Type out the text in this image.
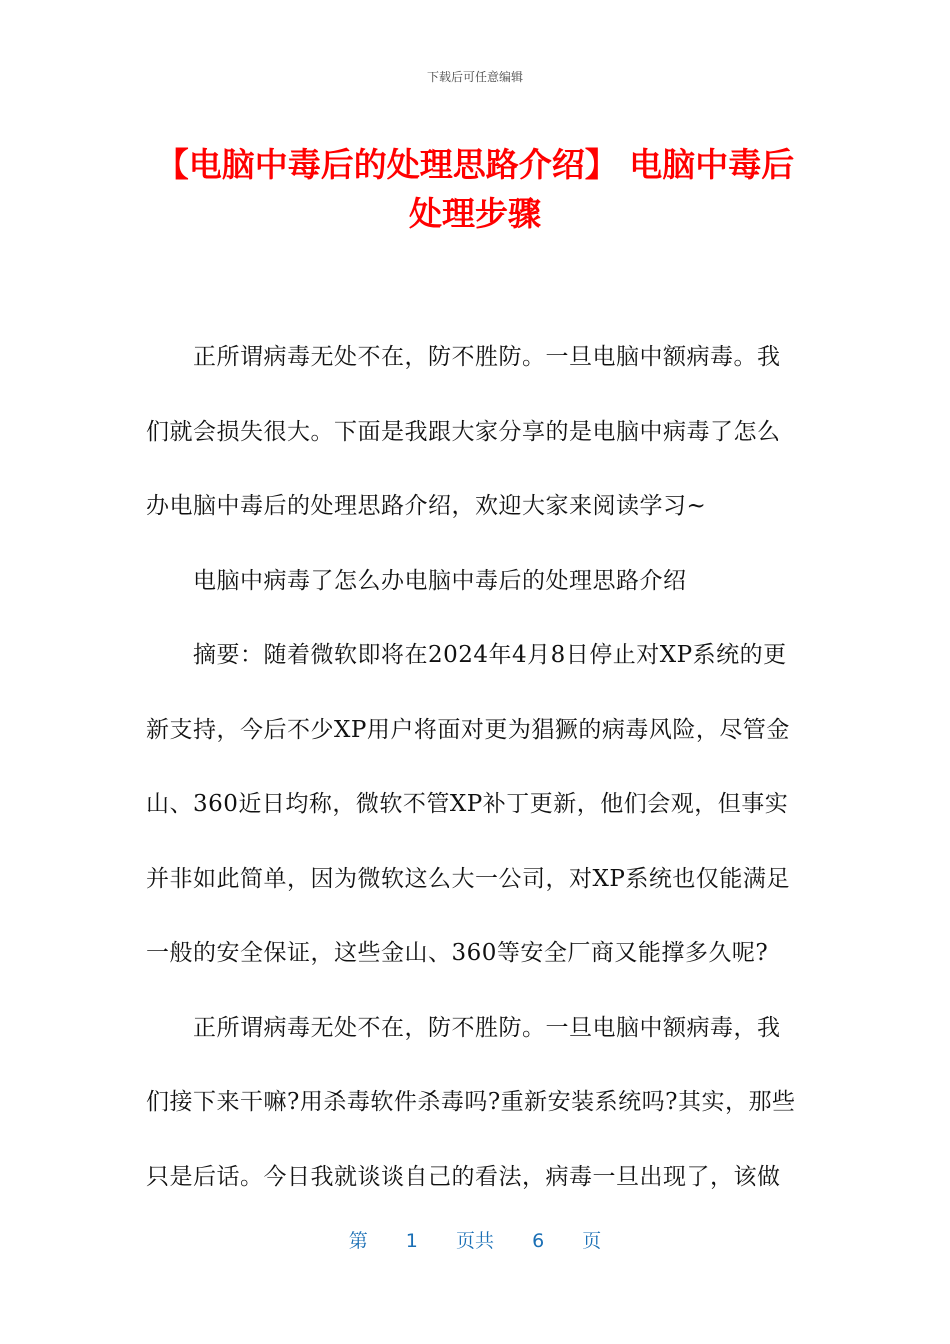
下载后可任意编辑
【电脑中毒后的处理思路介绍】 电脑中毒后处理步骤

正所谓病毒无处不在，防不胜防。一旦电脑中额病毒。我
们就会损失很大。下面是我跟大家分享的是电脑中病毒了怎么
办电脑中毒后的处理思路介绍，欢迎大家来阅读学习~

电脑中病毒了怎么办电脑中毒后的处理思路介绍

摘要：随着微软即将在2024年4月8日停止对XP系统的更
新支持，今后不少XP用户将面对更为猖獗的病毒风险，尽管金
山、360近日均称，微软不管XP补丁更新，他们会观，但事实
并非如此简单，因为微软这么大一公司，对XP系统也仅能满足
一般的安全保证，这些金山、360等安全厂商又能撑多久呢?

正所谓病毒无处不在，防不胜防。一旦电脑中额病毒，我
们接下来干嘛?用杀毒软件杀毒吗?重新安装系统吗?其实，那些
只是后话。今日我就谈谈自己的看法，病毒一旦出现了，该做

第 1 页共 6 页
